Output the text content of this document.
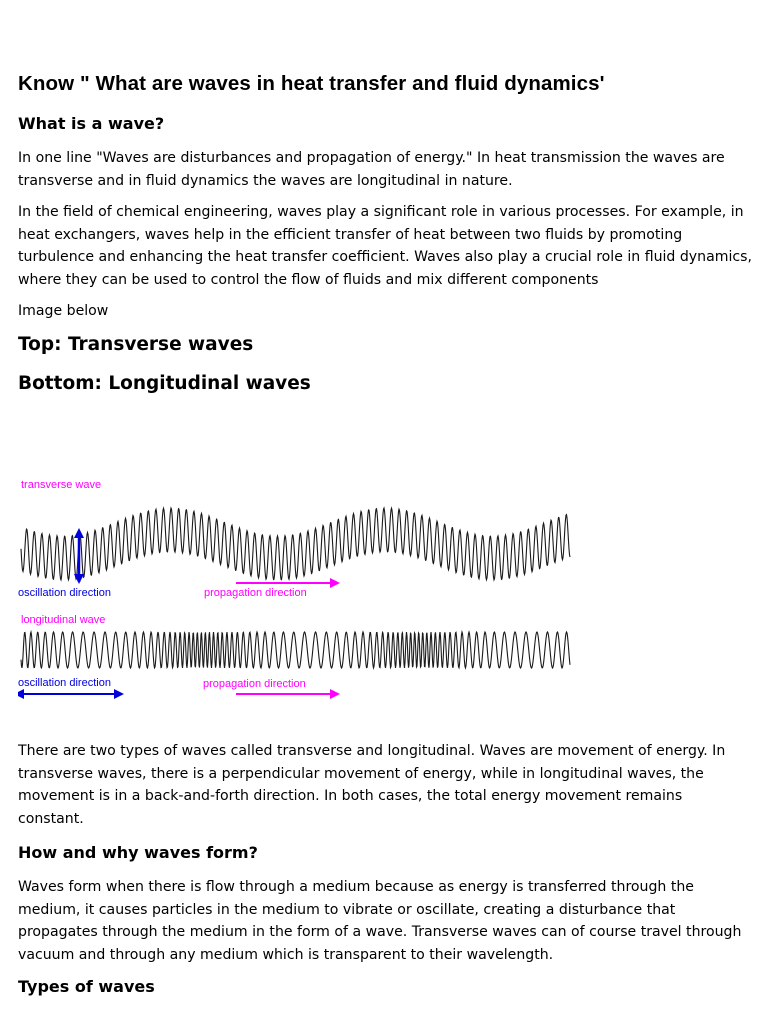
Know " What are waves in heat transfer and fluid dynamics'
What is a wave?

In one line "Waves are disturbances and propagation of energy." In heat transmission the waves are transverse and in fluid dynamics the waves are longitudinal in nature.

In the field of chemical engineering, waves play a significant role in various processes. For example, in heat exchangers, waves help in the efficient transfer of heat between two fluids by promoting turbulence and enhancing the heat transfer coefficient. Waves also play a crucial role in fluid dynamics, where they can be used to control the flow of fluids and mix different components

Image below

Top: Transverse waves
Bottom: Longitudinal waves
transverse wave
oscillation direction	propagation direction
longitudinal wave
oscillation direction	propagation direction

There are two types of waves called transverse and longitudinal. Waves are movement of energy. In transverse waves, there is a perpendicular movement of energy, while in longitudinal waves, the movement is in a back-and-forth direction. In both cases, the total energy movement remains constant.

How and why waves form?

Waves form when there is flow through a medium because as energy is transferred through the medium, it causes particles in the medium to vibrate or oscillate, creating a disturbance that propagates through the medium in the form of a wave. Transverse waves can of course travel through vacuum and through any medium which is transparent to their wavelength.

Types of waves
